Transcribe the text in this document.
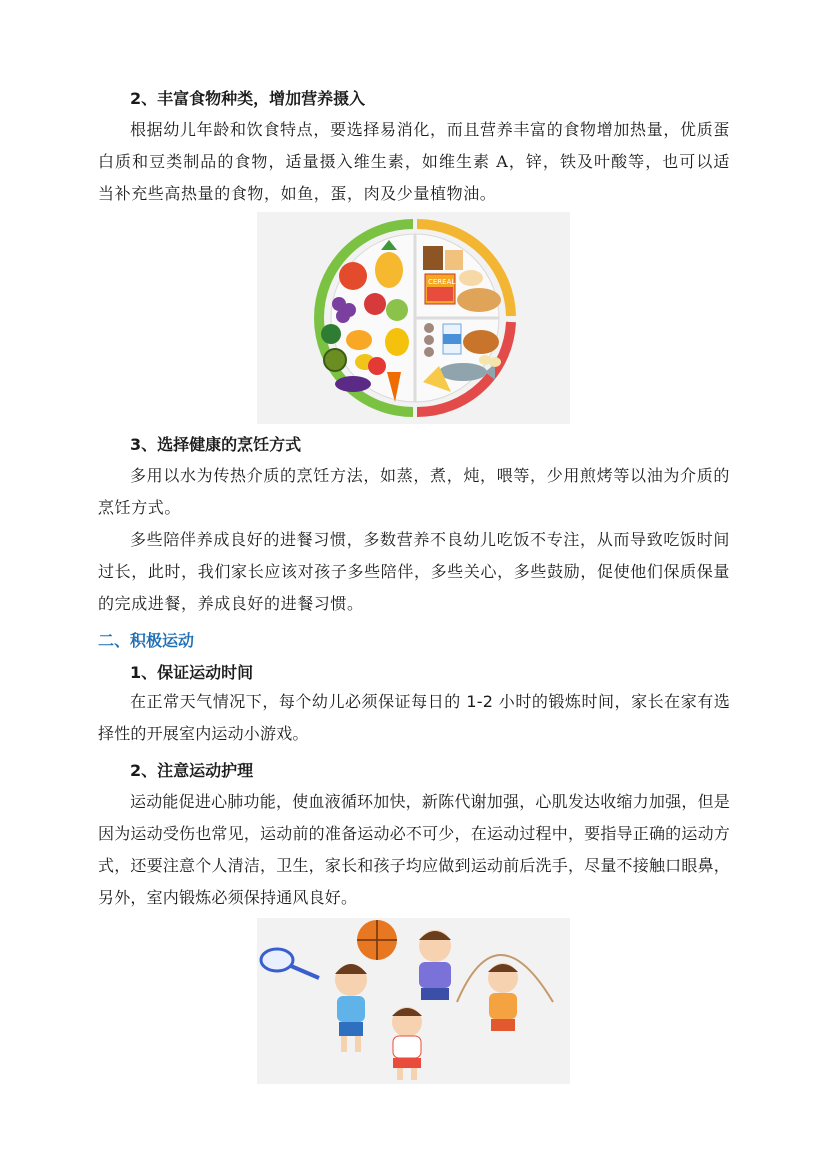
2、丰富食物种类，增加营养摄入

根据幼儿年龄和饮食特点，要选择易消化，而且营养丰富的食物增加热量，优质蛋白质和豆类制品的食物，适量摄入维生素，如维生素 A，锌，铁及叶酸等，也可以适当补充些高热量的食物，如鱼，蛋，肉及少量植物油。

CEREAL
3、选择健康的烹饪方式

多用以水为传热介质的烹饪方法，如蒸，煮，炖，喂等，少用煎烤等以油为介质的烹饪方式。

多些陪伴养成良好的进餐习惯，多数营养不良幼儿吃饭不专注，从而导致吃饭时间过长，此时，我们家长应该对孩子多些陪伴，多些关心，多些鼓励，促使他们保质保量的完成进餐，养成良好的进餐习惯。

二、积极运动
1、保证运动时间

在正常天气情况下，每个幼儿必须保证每日的 1-2 小时的锻炼时间，家长在家有选择性的开展室内运动小游戏。

2、注意运动护理

运动能促进心肺功能，使血液循环加快，新陈代谢加强，心肌发达收缩力加强，但是因为运动受伤也常见，运动前的准备运动必不可少，在运动过程中，要指导正确的运动方式，还要注意个人清洁，卫生，家长和孩子均应做到运动前后洗手，尽量不接触口眼鼻，另外，室内锻炼必须保持通风良好。
